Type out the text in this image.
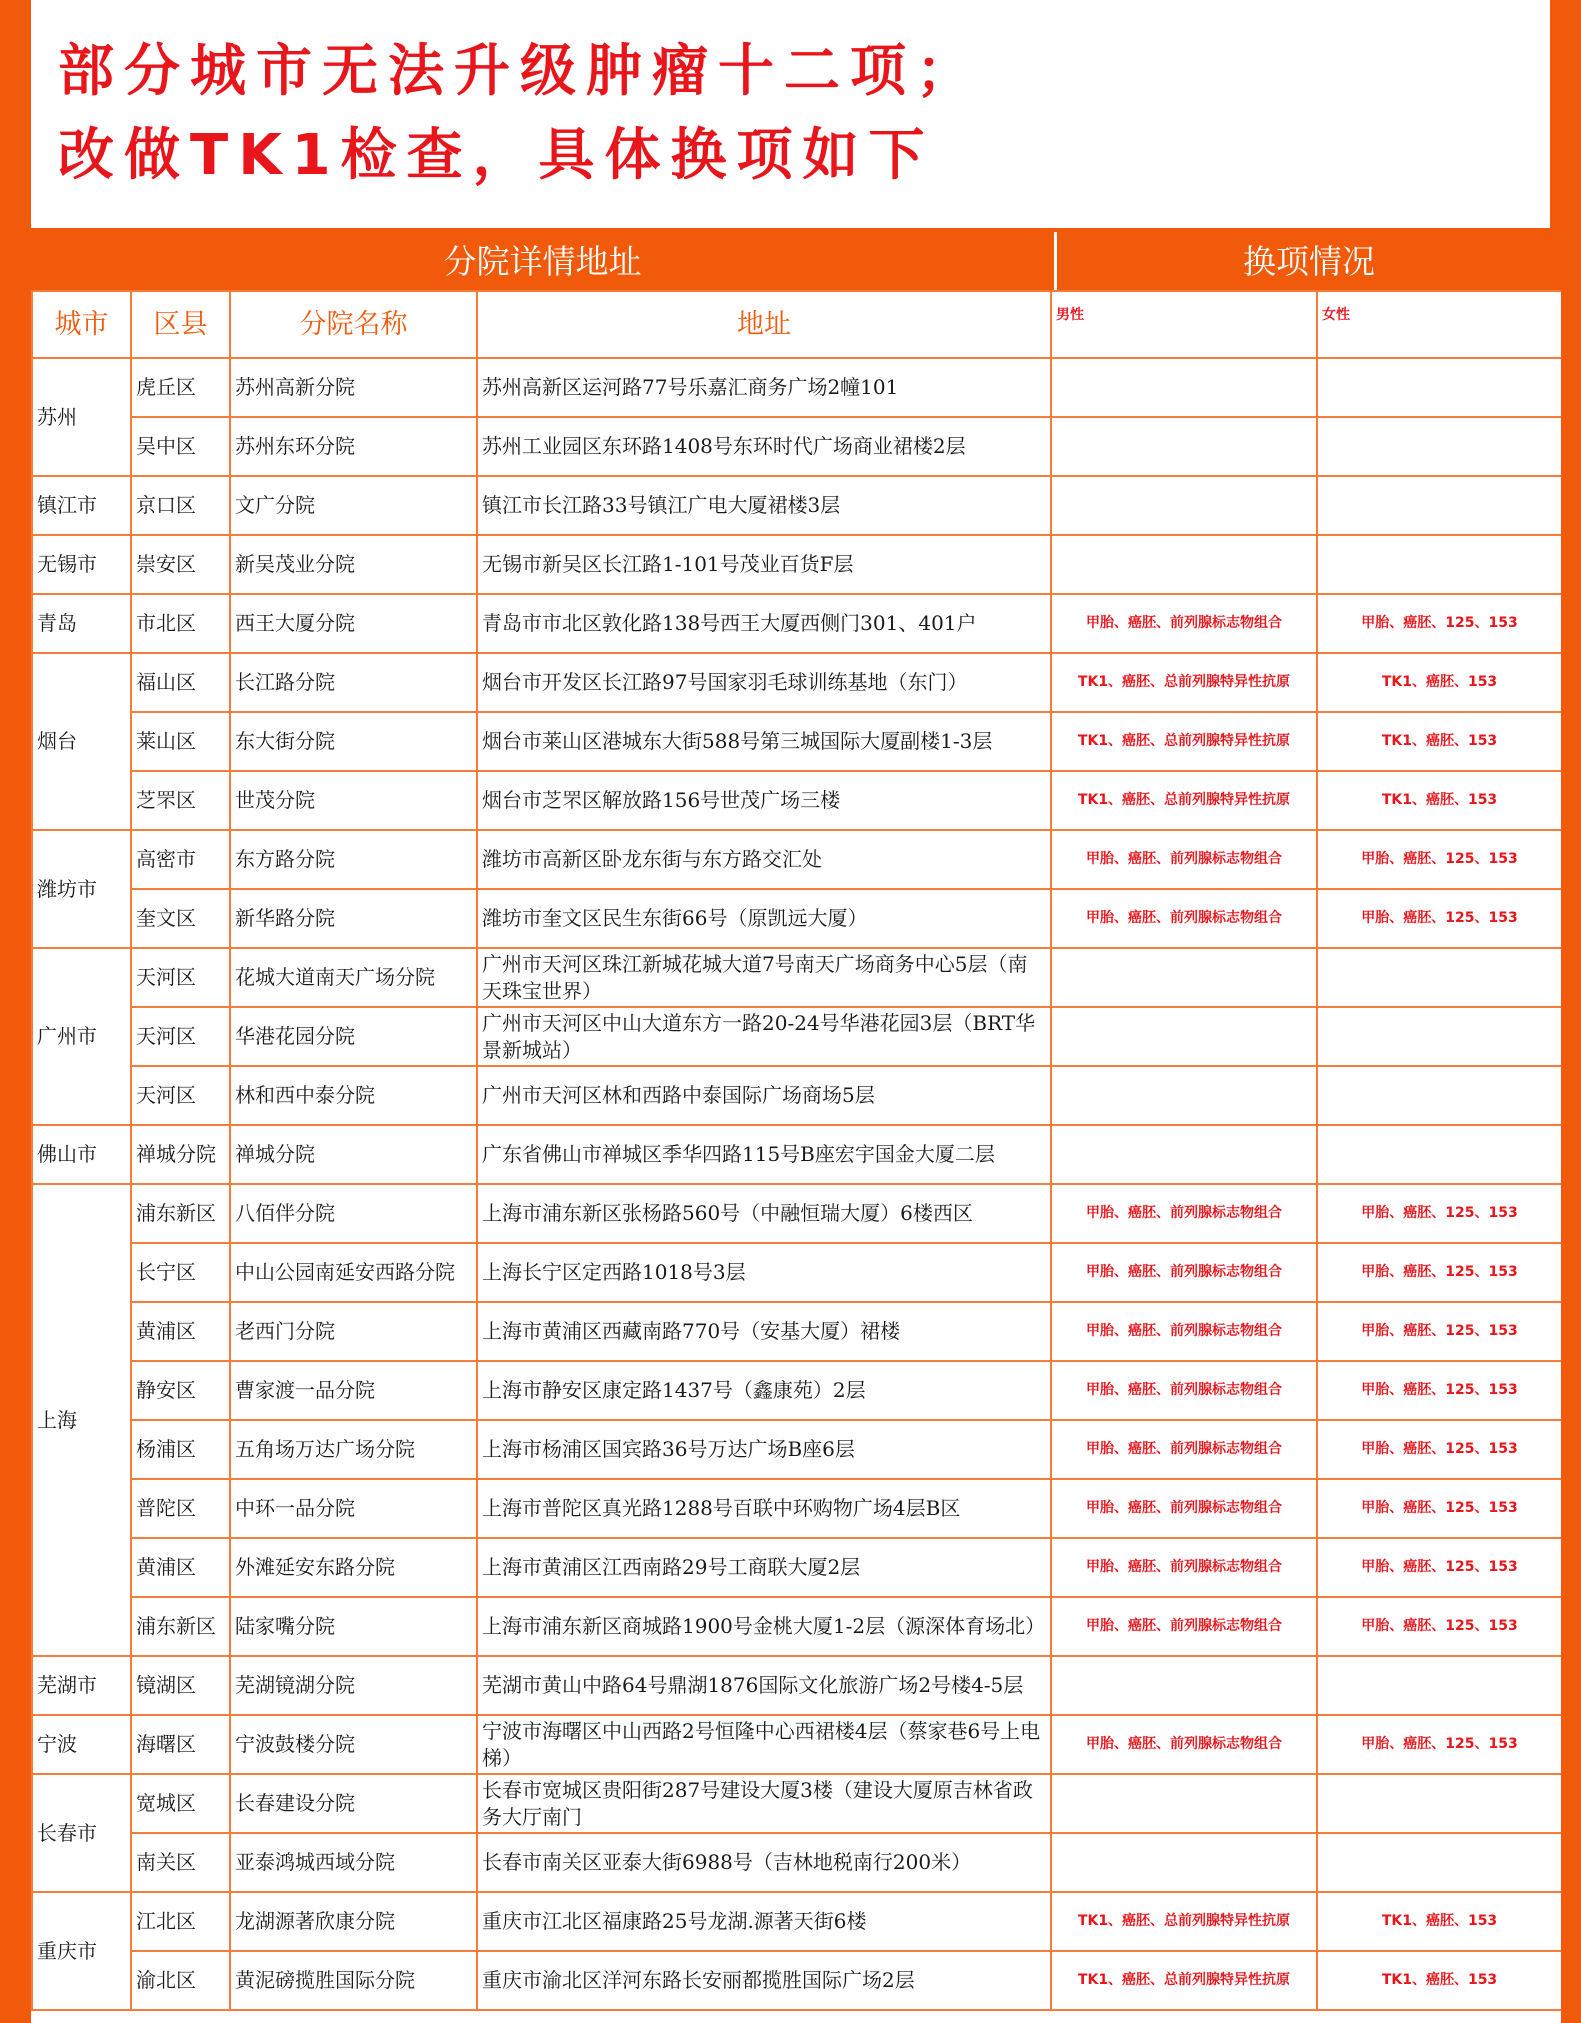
部分城市无法升级肿瘤十二项；
改做TK1检查，具体换项如下
分院详情地址	换项情况
城市	区县	分院名称	地址	男性	女性
苏州	虎丘区	苏州高新分院	苏州高新区运河路77号乐嘉汇商务广场2幢101		
	吴中区	苏州东环分院	苏州工业园区东环路1408号东环时代广场商业裙楼2层		
镇江市	京口区	文广分院	镇江市长江路33号镇江广电大厦裙楼3层		
无锡市	崇安区	新吴茂业分院	无锡市新吴区长江路1-101号茂业百货F层		
青岛	市北区	西王大厦分院	青岛市市北区敦化路138号西王大厦西侧门301、401户	甲胎、癌胚、前列腺标志物组合	甲胎、癌胚、125、153
烟台	福山区	长江路分院	烟台市开发区长江路97号国家羽毛球训练基地（东门）	TK1、癌胚、总前列腺特异性抗原	TK1、癌胚、153
	莱山区	东大街分院	烟台市莱山区港城东大街588号第三城国际大厦副楼1-3层	TK1、癌胚、总前列腺特异性抗原	TK1、癌胚、153
	芝罘区	世茂分院	烟台市芝罘区解放路156号世茂广场三楼	TK1、癌胚、总前列腺特异性抗原	TK1、癌胚、153
潍坊市	高密市	东方路分院	潍坊市高新区卧龙东街与东方路交汇处	甲胎、癌胚、前列腺标志物组合	甲胎、癌胚、125、153
	奎文区	新华路分院	潍坊市奎文区民生东街66号（原凯远大厦）	甲胎、癌胚、前列腺标志物组合	甲胎、癌胚、125、153
广州市	天河区	花城大道南天广场分院	广州市天河区珠江新城花城大道7号南天广场商务中心5层（南天珠宝世界）		
	天河区	华港花园分院	广州市天河区中山大道东方一路20-24号华港花园3层（BRT华景新城站）		
	天河区	林和西中泰分院	广州市天河区林和西路中泰国际广场商场5层		
佛山市	禅城分院	禅城分院	广东省佛山市禅城区季华四路115号B座宏宇国金大厦二层		
上海	浦东新区	八佰伴分院	上海市浦东新区张杨路560号（中融恒瑞大厦）6楼西区	甲胎、癌胚、前列腺标志物组合	甲胎、癌胚、125、153
	长宁区	中山公园南延安西路分院	上海长宁区定西路1018号3层	甲胎、癌胚、前列腺标志物组合	甲胎、癌胚、125、153
	黄浦区	老西门分院	上海市黄浦区西藏南路770号（安基大厦）裙楼	甲胎、癌胚、前列腺标志物组合	甲胎、癌胚、125、153
	静安区	曹家渡一品分院	上海市静安区康定路1437号（鑫康苑）2层	甲胎、癌胚、前列腺标志物组合	甲胎、癌胚、125、153
	杨浦区	五角场万达广场分院	上海市杨浦区国宾路36号万达广场B座6层	甲胎、癌胚、前列腺标志物组合	甲胎、癌胚、125、153
	普陀区	中环一品分院	上海市普陀区真光路1288号百联中环购物广场4层B区	甲胎、癌胚、前列腺标志物组合	甲胎、癌胚、125、153
	黄浦区	外滩延安东路分院	上海市黄浦区江西南路29号工商联大厦2层	甲胎、癌胚、前列腺标志物组合	甲胎、癌胚、125、153
	浦东新区	陆家嘴分院	上海市浦东新区商城路1900号金桃大厦1-2层（源深体育场北）	甲胎、癌胚、前列腺标志物组合	甲胎、癌胚、125、153
芜湖市	镜湖区	芜湖镜湖分院	芜湖市黄山中路64号鼎湖1876国际文化旅游广场2号楼4-5层		
宁波	海曙区	宁波鼓楼分院	宁波市海曙区中山西路2号恒隆中心西裙楼4层（蔡家巷6号上电梯）	甲胎、癌胚、前列腺标志物组合	甲胎、癌胚、125、153
长春市	宽城区	长春建设分院	长春市宽城区贵阳街287号建设大厦3楼（建设大厦原吉林省政务大厅南门		
	南关区	亚泰鸿城西域分院	长春市南关区亚泰大街6988号（吉林地税南行200米）		
重庆市	江北区	龙湖源著欣康分院	重庆市江北区福康路25号龙湖.源著天街6楼	TK1、癌胚、总前列腺特异性抗原	TK1、癌胚、153
	渝北区	黄泥磅揽胜国际分院	重庆市渝北区洋河东路长安丽都揽胜国际广场2层	TK1、癌胚、总前列腺特异性抗原	TK1、癌胚、153
